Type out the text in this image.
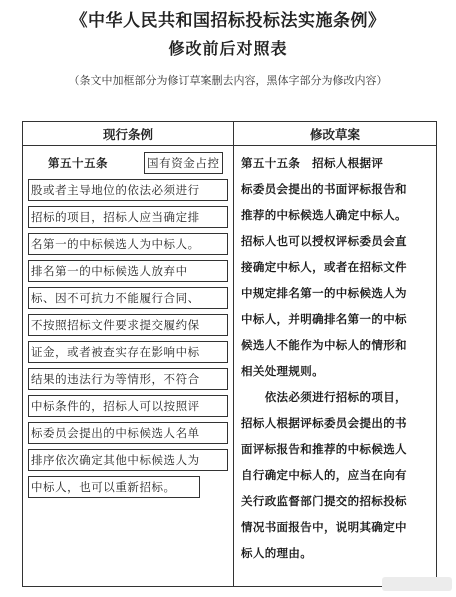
《中华人民共和国招标投标法实施条例》
修改前后对照表
（条文中加框部分为修订草案删去内容，黑体字部分为修改内容）
现行条例	修改草案
第五十五条	国有资金占控
股或者主导地位的依法必须进行
招标的项目，招标人应当确定排
名第一的中标候选人为中标人。
排名第一的中标候选人放弃中
标、因不可抗力不能履行合同、
不按照招标文件要求提交履约保
证金，或者被查实存在影响中标
结果的违法行为等情形，不符合
中标条件的，招标人可以按照评
标委员会提出的中标候选人名单
排序依次确定其他中标候选人为
中标人，也可以重新招标。
第五十五条　招标人根据评
标委员会提出的书面评标报告和
推荐的中标候选人确定中标人。
招标人也可以授权评标委员会直
接确定中标人，或者在招标文件
中规定排名第一的中标候选人为
中标人，并明确排名第一的中标
候选人不能作为中标人的情形和
相关处理规则。
　　依法必须进行招标的项目，
招标人根据评标委员会提出的书
面评标报告和推荐的中标候选人
自行确定中标人的，应当在向有
关行政监督部门提交的招标投标
情况书面报告中，说明其确定中
标人的理由。
